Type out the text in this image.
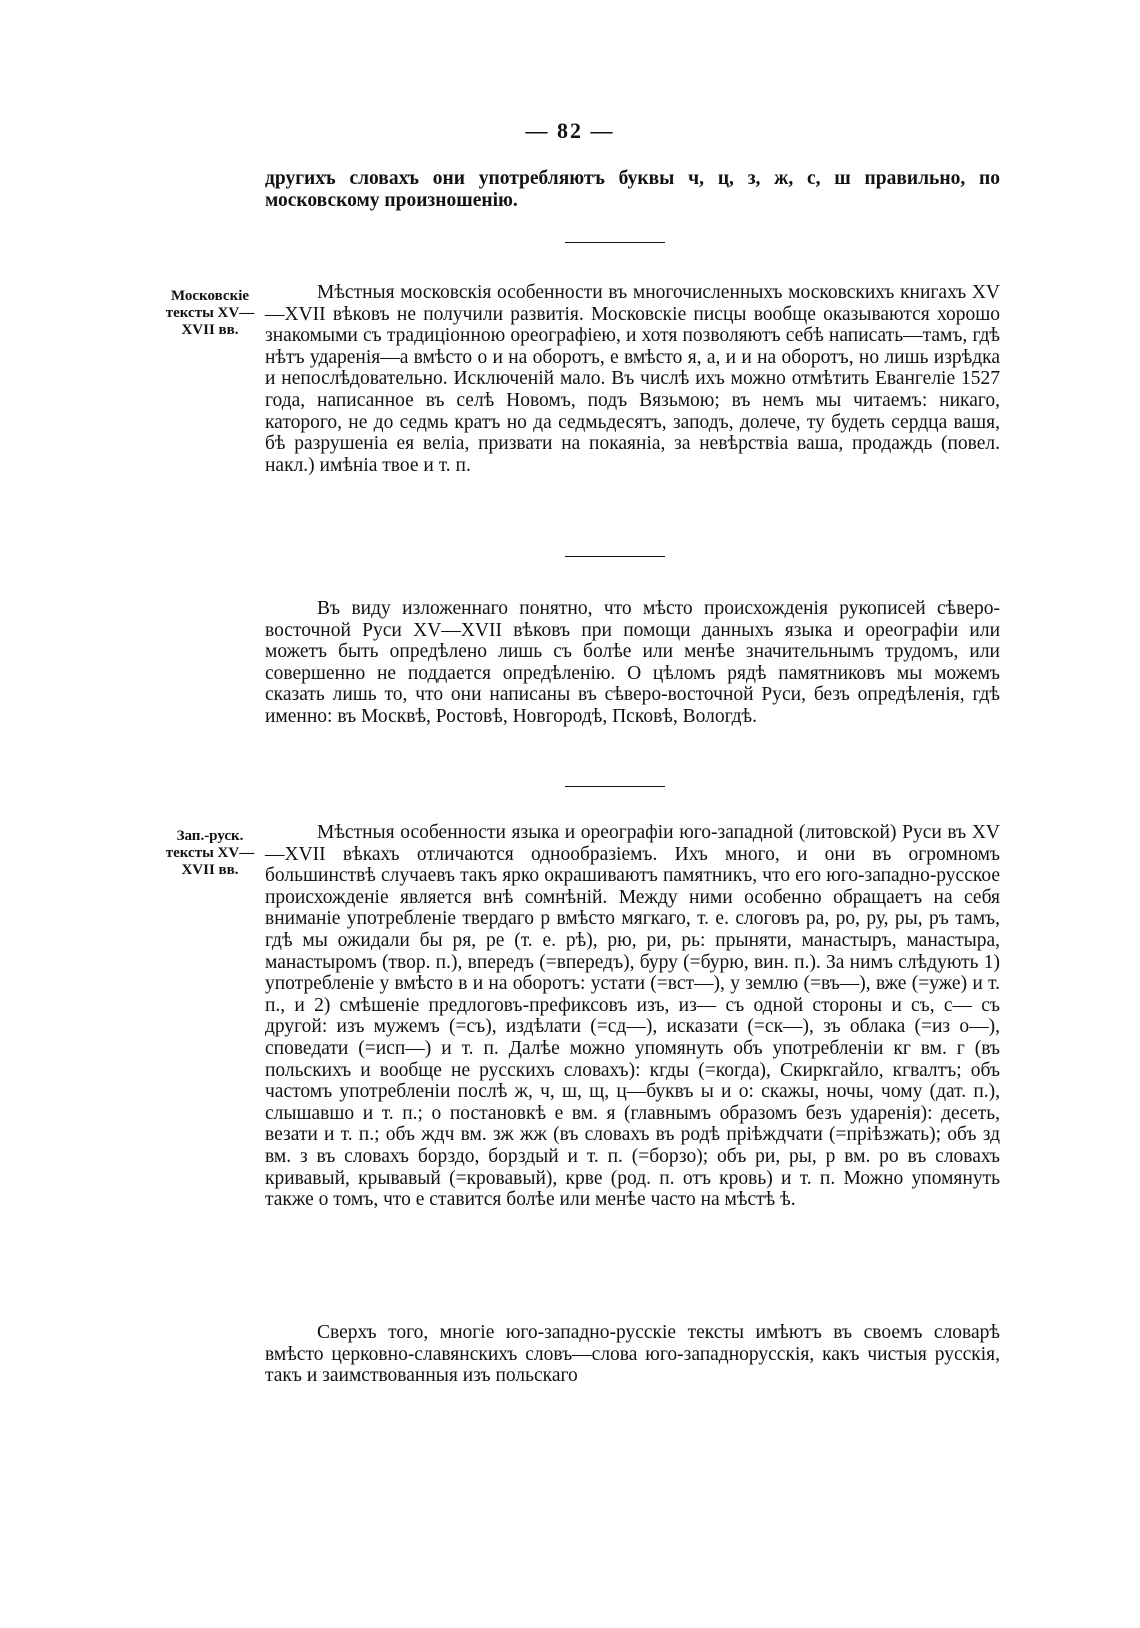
— 82 —

другихъ словахъ они употребляютъ буквы ч, ц, з, ж, с, ш правильно, по московскому произношенію.

Московскіе тексты XV—XVII вв.

Мѣстныя московскія особенности въ многочисленныхъ московскихъ книгахъ XV—XVII вѣковъ не получили развитія. Московскіе писцы вообще оказываются хорошо знакомыми съ традиціонною ореографіею, и хотя позволяютъ себѣ написать—тамъ, гдѣ нѣтъ ударенія—а вмѣсто о и на оборотъ, е вмѣсто я, а, и и на оборотъ, но лишь изрѣдка и непослѣдовательно. Исключеній мало. Въ числѣ ихъ можно отмѣтить Евангеліе 1527 года, написанное въ селѣ Новомъ, подъ Вязьмою; въ немъ мы читаемъ: никаго, каторого, не до седмь кратъ но да седмьдесятъ, заподъ, долече, ту будеть сердца вашя, бѣ разрушеніа ея веліа, призвати на покаяніа, за невѣрствіа ваша, продаждь (повел. накл.) имѣніа твое и т. п.

Въ виду изложеннаго понятно, что мѣсто происхожденія рукописей сѣверо-восточной Руси XV—XVII вѣковъ при помощи данныхъ языка и ореографіи или можетъ быть опредѣлено лишь съ болѣе или менѣе значительнымъ трудомъ, или совершенно не поддается опредѣленію. О цѣломъ рядѣ памятниковъ мы можемъ сказать лишь то, что они написаны въ сѣверо-восточной Руси, безъ опредѣленія, гдѣ именно: въ Москвѣ, Ростовѣ, Новгородѣ, Псковѣ, Вологдѣ.

Зап.-руск. тексты XV—XVII вв.

Мѣстныя особенности языка и ореографіи юго-западной (литовской) Руси въ XV—XVII вѣкахъ отличаются однообразіемъ. Ихъ много, и они въ огромномъ большинствѣ случаевъ такъ ярко окрашиваютъ памятникъ, что его юго-западно-русское происхожденіе является внѣ сомнѣній. Между ними особенно обращаетъ на себя вниманіе употребленіе твердаго р вмѣсто мягкаго, т. е. слоговъ ра, ро, ру, ры, ръ тамъ, гдѣ мы ожидали бы ря, ре (т. е. рѣ), рю, ри, рь: прыняти, манастыръ, манастыра, манастыромъ (твор. п.), впередъ (=впередъ), буру (=бурю, вин. п.). За нимъ слѣдують 1) употребленіе у вмѣсто в и на оборотъ: устати (=вст—), у землю (=въ—), вже (=уже) и т. п., и 2) смѣшеніе предлоговъ-префиксовъ изъ, из— съ одной стороны и съ, с— съ другой: изъ мужемъ (=съ), издѣлати (=сд—), исказати (=ск—), зъ облака (=из о—), споведати (=исп—) и т. п. Далѣе можно упомянуть объ употребленіи кг вм. г (въ польскихъ и вообще не русскихъ словахъ): кгды (=когда), Скиркгайло, кгвалтъ; объ частомъ употребленіи послѣ ж, ч, ш, щ, ц—буквъ ы и о: скажы, ночы, чому (дат. п.), слышавшо и т. п.; о постановкѣ е вм. я (главнымъ образомъ безъ ударенія): десеть, везати и т. п.; объ ждч вм. зж жж (въ словахъ въ родѣ прiѣждчати (=прiѣзжать); объ зд вм. з въ словахъ борздо, борздый и т. п. (=борзо); объ ри, ры, р вм. рo въ словахъ кривавый, крывавый (=кровавый), крве (род. п. отъ кровь) и т. п. Можно упомянуть также о томъ, что е ставится болѣе или менѣе часто на мѣстѣ ѣ.

Сверхъ того, многіе юго-западно-русскіе тексты имѣютъ въ своемъ словарѣ вмѣсто церковно-славянскихъ словъ—слова юго-западнорусскія, какъ чистыя русскія, такъ и заимствованныя изъ польскаго
